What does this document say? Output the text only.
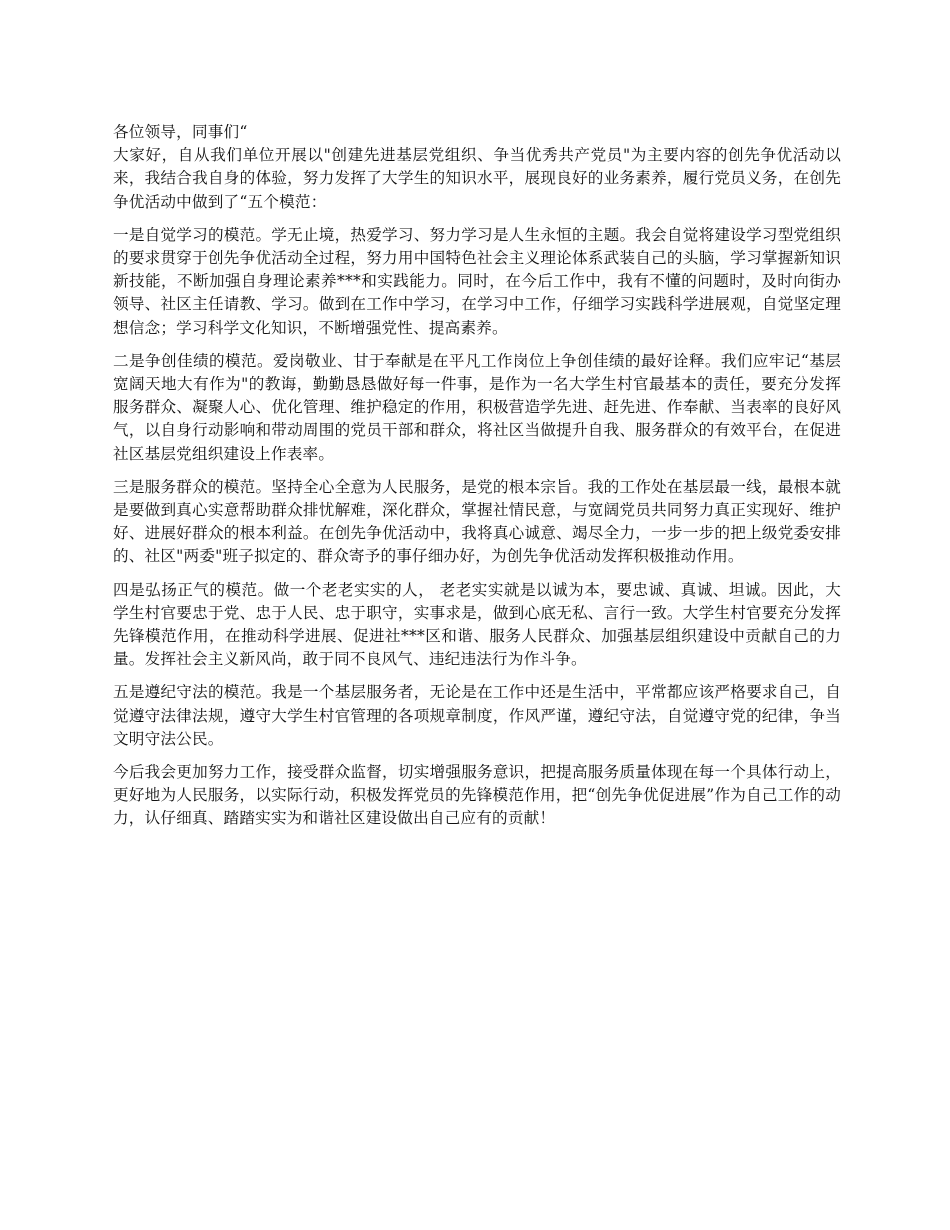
各位领导，同事们“

大家好，自从我们单位开展以"创建先进基层党组织、争当优秀共产党员"为主要内容的创先争优活动以来，我结合我自身的体验，努力发挥了大学生的知识水平，展现良好的业务素养，履行党员义务，在创先争优活动中做到了“五个模范：

一是自觉学习的模范。学无止境，热爱学习、努力学习是人生永恒的主题。我会自觉将建设学习型党组织的要求贯穿于创先争优活动全过程，努力用中国特色社会主义理论体系武装自己的头脑，学习掌握新知识新技能，不断加强自身理论素养***和实践能力。同时，在今后工作中，我有不懂的问题时，及时向街办领导、社区主任请教、学习。做到在工作中学习，在学习中工作，仔细学习实践科学进展观，自觉坚定理想信念；学习科学文化知识，不断增强党性、提高素养。

二是争创佳绩的模范。爱岗敬业、甘于奉献是在平凡工作岗位上争创佳绩的最好诠释。我们应牢记“基层宽阔天地大有作为"的教诲，勤勤恳恳做好每一件事，是作为一名大学生村官最基本的责任，要充分发挥服务群众、凝聚人心、优化管理、维护稳定的作用，积极营造学先进、赶先进、作奉献、当表率的良好风气，以自身行动影响和带动周围的党员干部和群众，将社区当做提升自我、服务群众的有效平台，在促进社区基层党组织建设上作表率。

三是服务群众的模范。坚持全心全意为人民服务，是党的根本宗旨。我的工作处在基层最一线，最根本就是要做到真心实意帮助群众排忧解难，深化群众，掌握社情民意，与宽阔党员共同努力真正实现好、维护好、进展好群众的根本利益。在创先争优活动中，我将真心诚意、竭尽全力，一步一步的把上级党委安排的、社区"两委"班子拟定的、群众寄予的事仔细办好，为创先争优活动发挥积极推动作用。

四是弘扬正气的模范。做一个老老实实的人， 老老实实就是以诚为本，要忠诚、真诚、坦诚。因此，大学生村官要忠于党、忠于人民、忠于职守，实事求是，做到心底无私、言行一致。大学生村官要充分发挥先锋模范作用，在推动科学进展、促进社***区和谐、服务人民群众、加强基层组织建设中贡献自己的力量。发挥社会主义新风尚，敢于同不良风气、违纪违法行为作斗争。

五是遵纪守法的模范。我是一个基层服务者，无论是在工作中还是生活中，平常都应该严格要求自己，自觉遵守法律法规，遵守大学生村官管理的各项规章制度，作风严谨，遵纪守法，自觉遵守党的纪律，争当文明守法公民。

今后我会更加努力工作，接受群众监督，切实增强服务意识，把提高服务质量体现在每一个具体行动上，更好地为人民服务，以实际行动，积极发挥党员的先锋模范作用，把“创先争优促进展”作为自己工作的动力，认仔细真、踏踏实实为和谐社区建设做出自己应有的贡献！
